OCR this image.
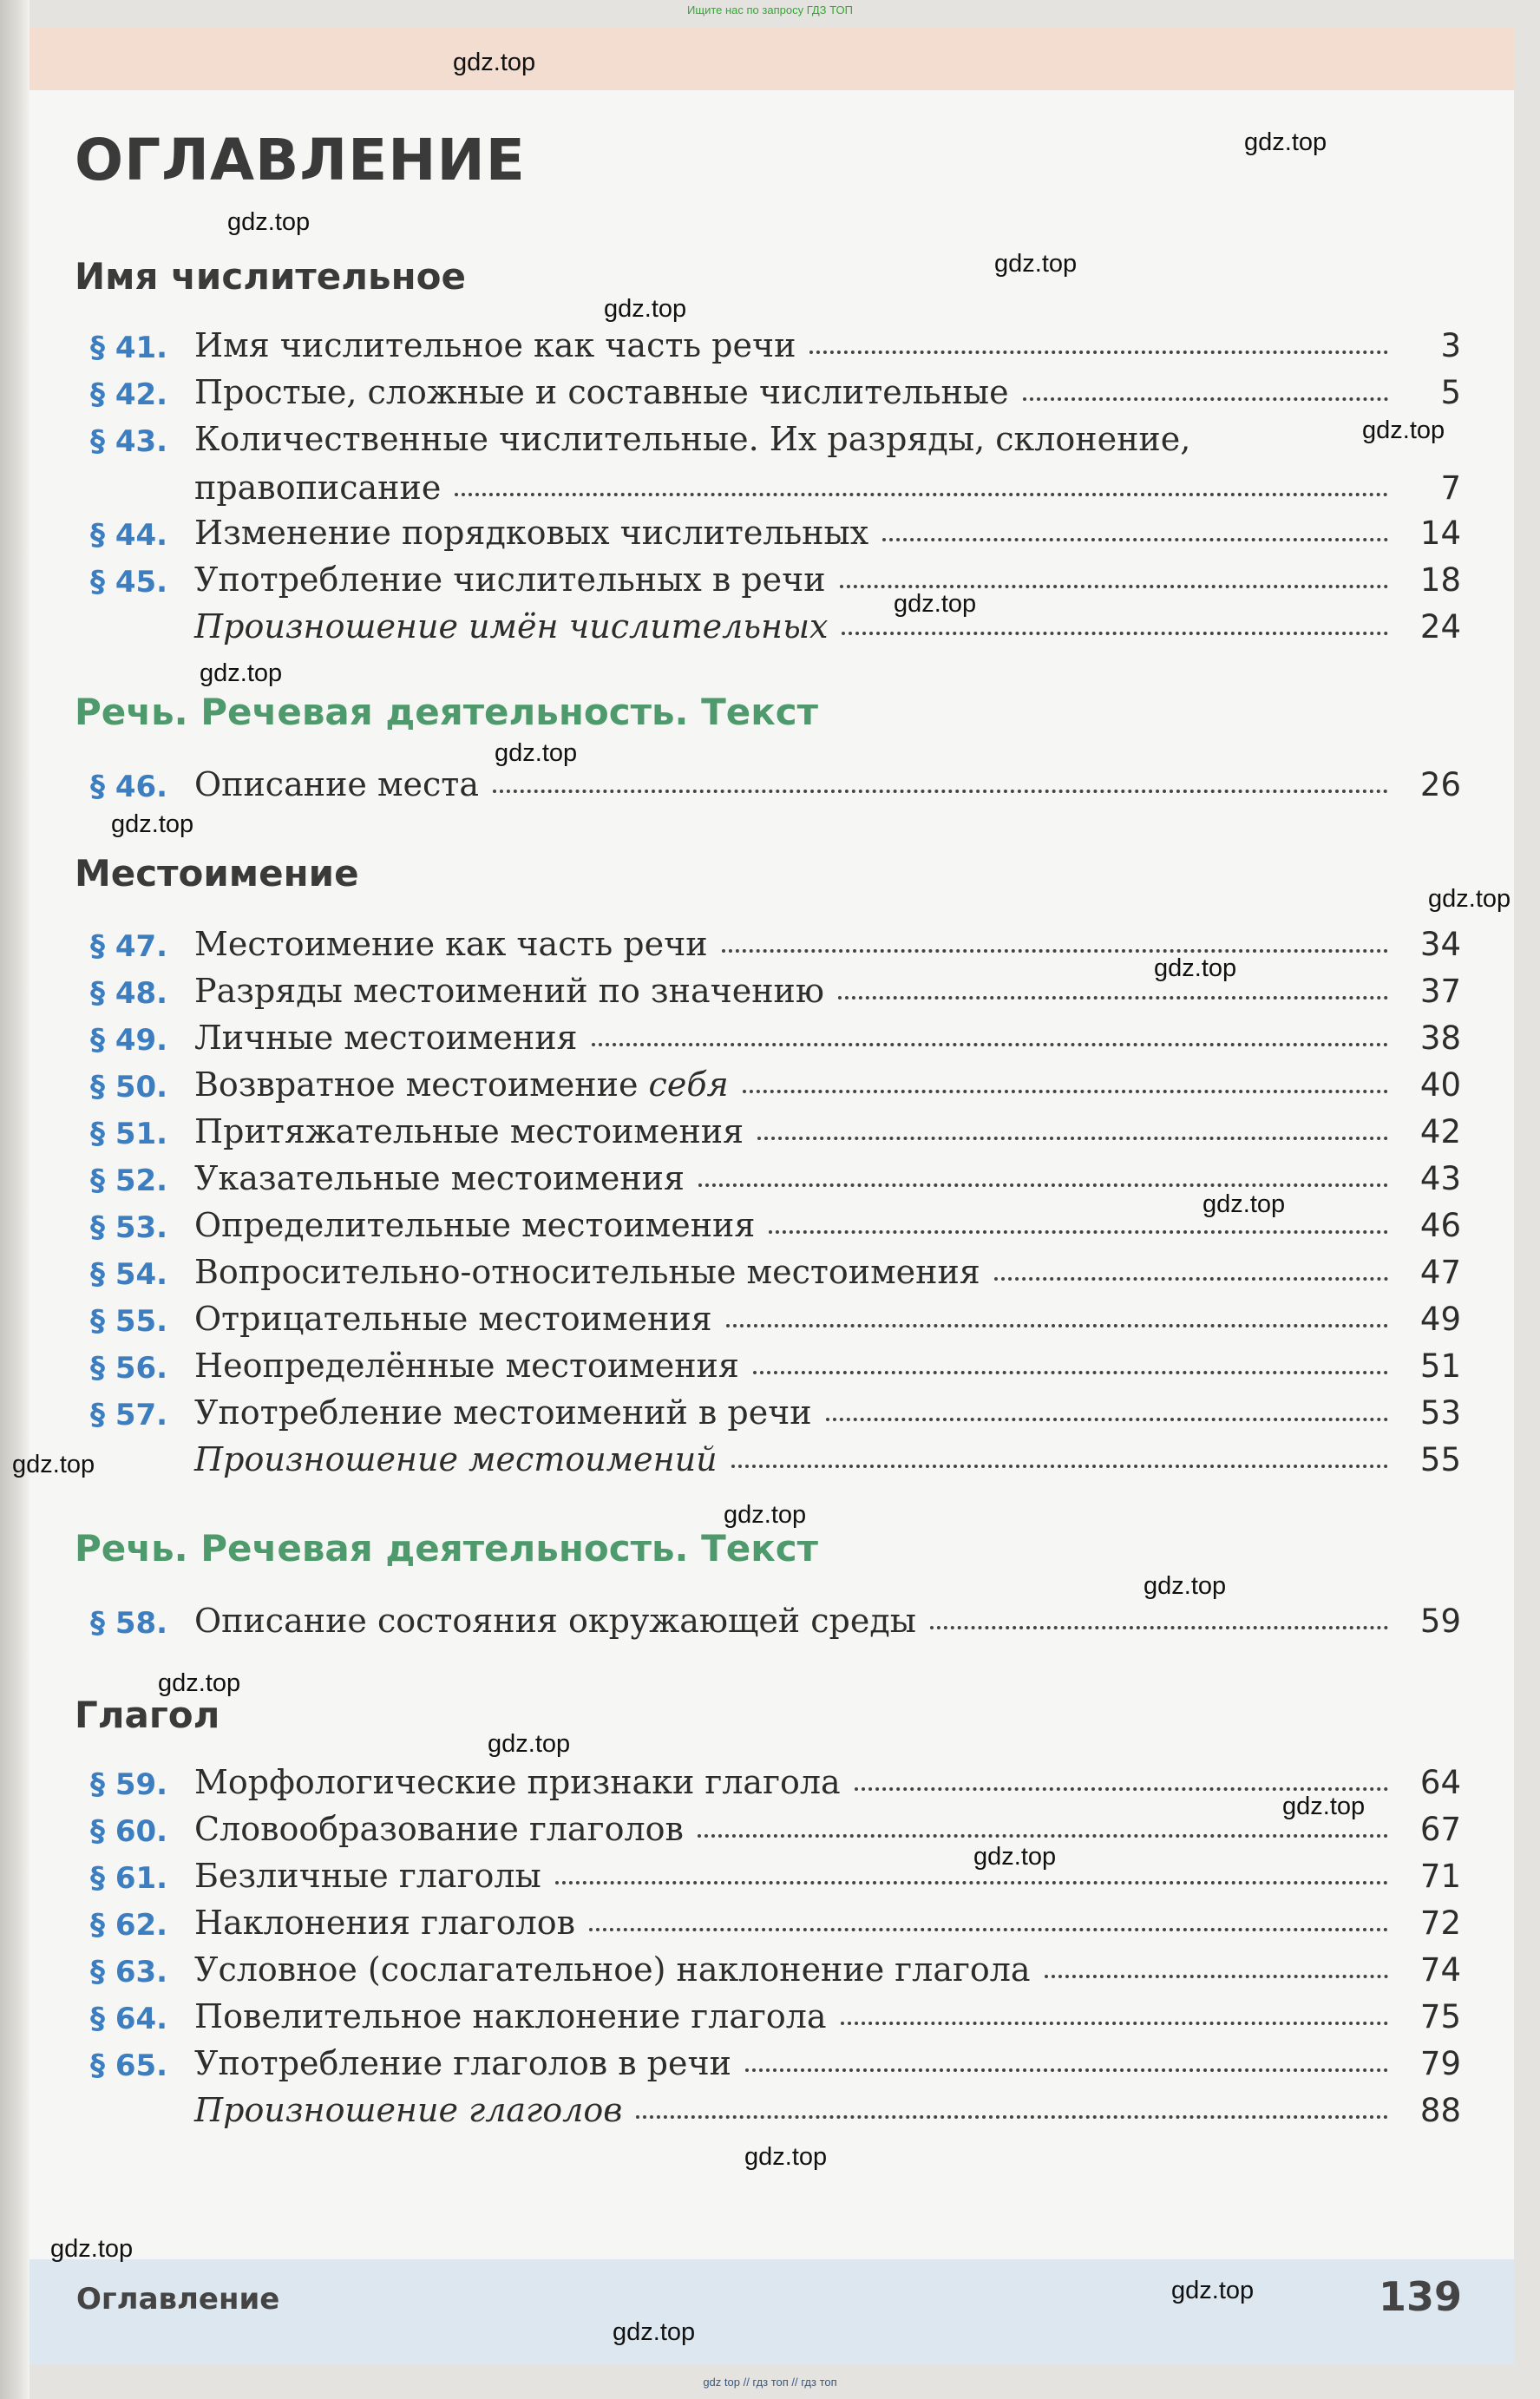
Ищите нас по запросу ГДЗ ТОП
ОГЛАВЛЕНИЕ
Имя числительное
§ 41. Имя числительное как часть речи	3
§ 42. Простые, сложные и составные числительные	5
§ 43. Количественные числительные. Их разряды, склонение,
правописание	7
§ 44. Изменение порядковых числительных	14
§ 45. Употребление числительных в речи	18
Произношение имён числительных	24
Речь. Речевая деятельность. Текст
§ 46. Описание места	26
Местоимение
§ 47. Местоимение как часть речи	34
§ 48. Разряды местоимений по значению	37
§ 49. Личные местоимения	38
§ 50. Возвратное местоимение себя	40
§ 51. Притяжательные местоимения	42
§ 52. Указательные местоимения	43
§ 53. Определительные местоимения	46
§ 54. Вопросительно-относительные местоимения	47
§ 55. Отрицательные местоимения	49
§ 56. Неопределённые местоимения	51
§ 57. Употребление местоимений в речи	53
Произношение местоимений	55
Речь. Речевая деятельность. Текст
§ 58. Описание состояния окружающей среды	59
Глагол
§ 59. Морфологические признаки глагола	64
§ 60. Словообразование глаголов	67
§ 61. Безличные глаголы	71
§ 62. Наклонения глаголов	72
§ 63. Условное (сослагательное) наклонение глагола	74
§ 64. Повелительное наклонение глагола	75
§ 65. Употребление глаголов в речи	79
Произношение глаголов	88
Оглавление	139
gdz.top
gdz.top
gdz.top
gdz.top
gdz.top
gdz.top
gdz.top
gdz.top
gdz.top
gdz.top
gdz.top
gdz.top
gdz.top
gdz.top
gdz.top
gdz.top
gdz.top
gdz.top
gdz.top
gdz.top
gdz.top
gdz.top
gdz.top
gdz.top
gdz top // гдз топ // гдз топ
